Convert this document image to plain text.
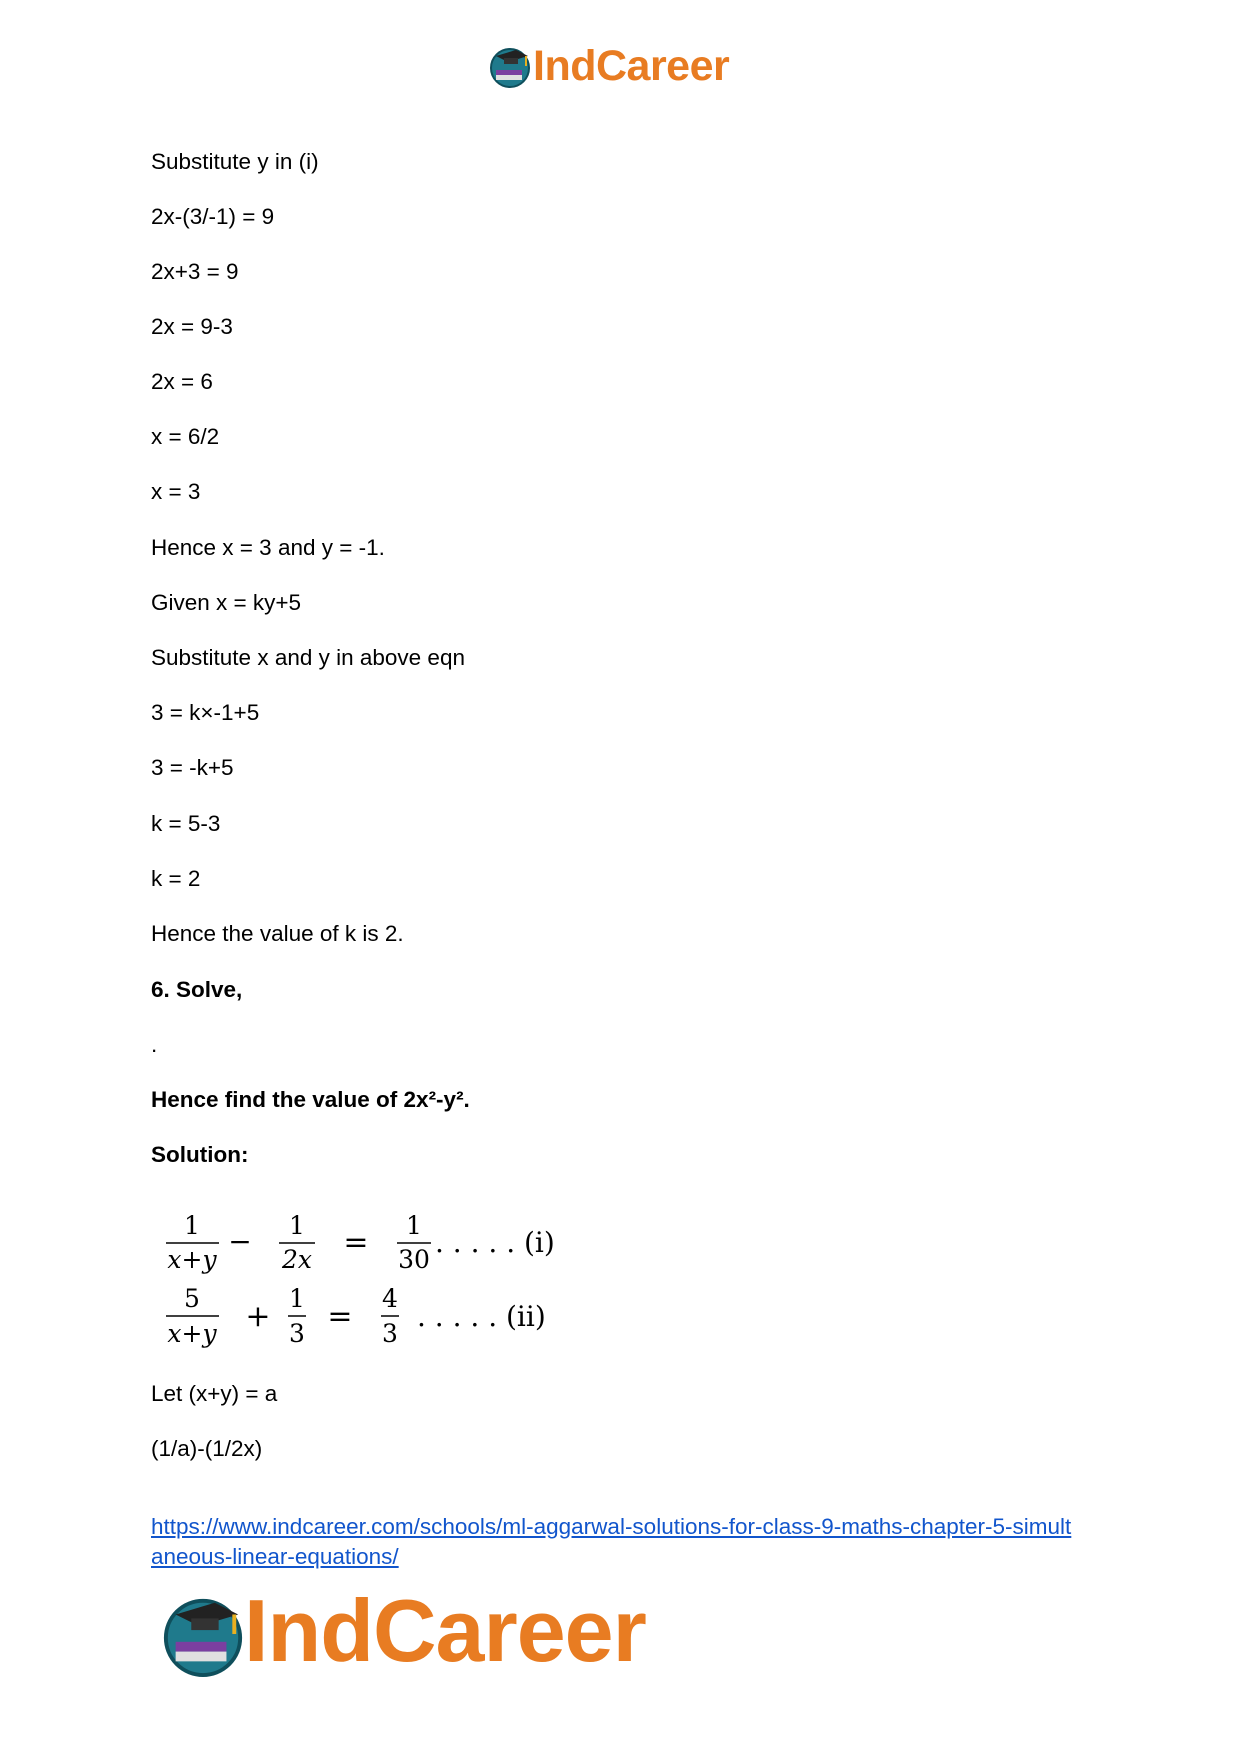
IndCareer
Substitute y in (i)
2x-(3/-1) = 9
2x+3 = 9
2x = 9-3
2x = 6
x = 6/2
x = 3
Hence x = 3 and y = -1.
Given x = ky+5
Substitute x and y in above eqn
3 = k×-1+5
3 = -k+5
k = 5-3
k = 2
Hence the value of k is 2.
6. Solve,
.
Hence find the value of 2x²-y².
Solution:
1
x+y
− 1
2x = 1
30
. . . . . (i)
5
x+y +
1
3 =
4
3
. . . . . (ii)
Let (x+y) = a
(1/a)-(1/2x)
https://www.indcareer.com/schools/ml-aggarwal-solutions-for-class-9-maths-chapter-5-simult
aneous-linear-equations/
IndCareer
